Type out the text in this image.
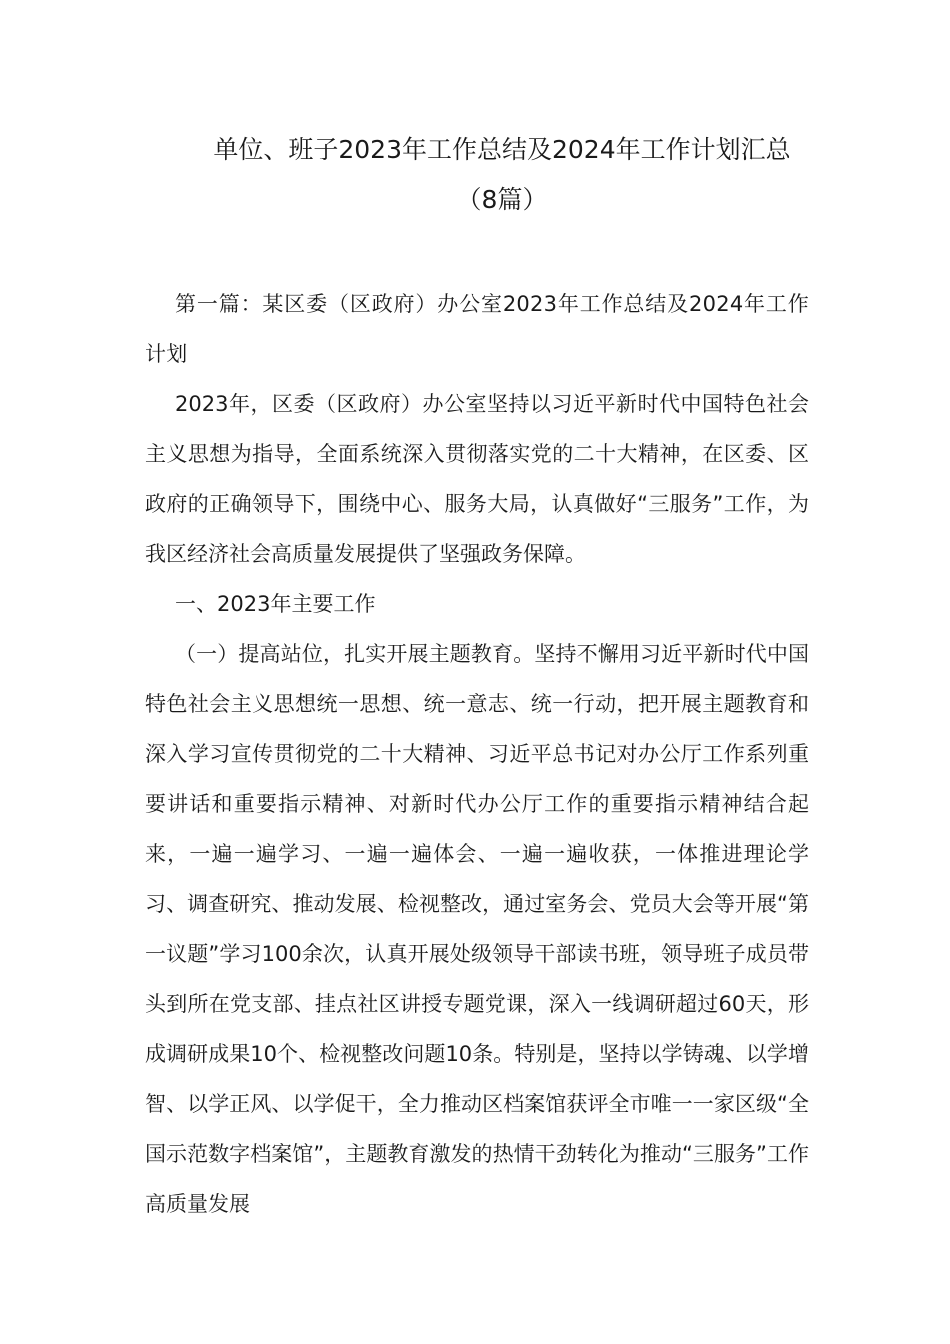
单位、班子2023年工作总结及2024年工作计划汇总
（8篇）

第一篇：某区委（区政府）办公室2023年工作总结及2024年工作计划

2023年，区委（区政府）办公室坚持以习近平新时代中国特色社会主义思想为指导，全面系统深入贯彻落实党的二十大精神，在区委、区政府的正确领导下，围绕中心、服务大局，认真做好“三服务”工作，为我区经济社会高质量发展提供了坚强政务保障。

一、2023年主要工作

（一）提高站位，扎实开展主题教育。坚持不懈用习近平新时代中国特色社会主义思想统一思想、统一意志、统一行动，把开展主题教育和深入学习宣传贯彻党的二十大精神、习近平总书记对办公厅工作系列重要讲话和重要指示精神、对新时代办公厅工作的重要指示精神结合起来，一遍一遍学习、一遍一遍体会、一遍一遍收获，一体推进理论学习、调查研究、推动发展、检视整改，通过室务会、党员大会等开展“第一议题”学习100余次，认真开展处级领导干部读书班，领导班子成员带头到所在党支部、挂点社区讲授专题党课，深入一线调研超过60天，形成调研成果10个、检视整改问题10条。特别是，坚持以学铸魂、以学增智、以学正风、以学促干，全力推动区档案馆获评全市唯一一家区级“全国示范数字档案馆”，主题教育激发的热情干劲转化为推动“三服务”工作高质量发展
